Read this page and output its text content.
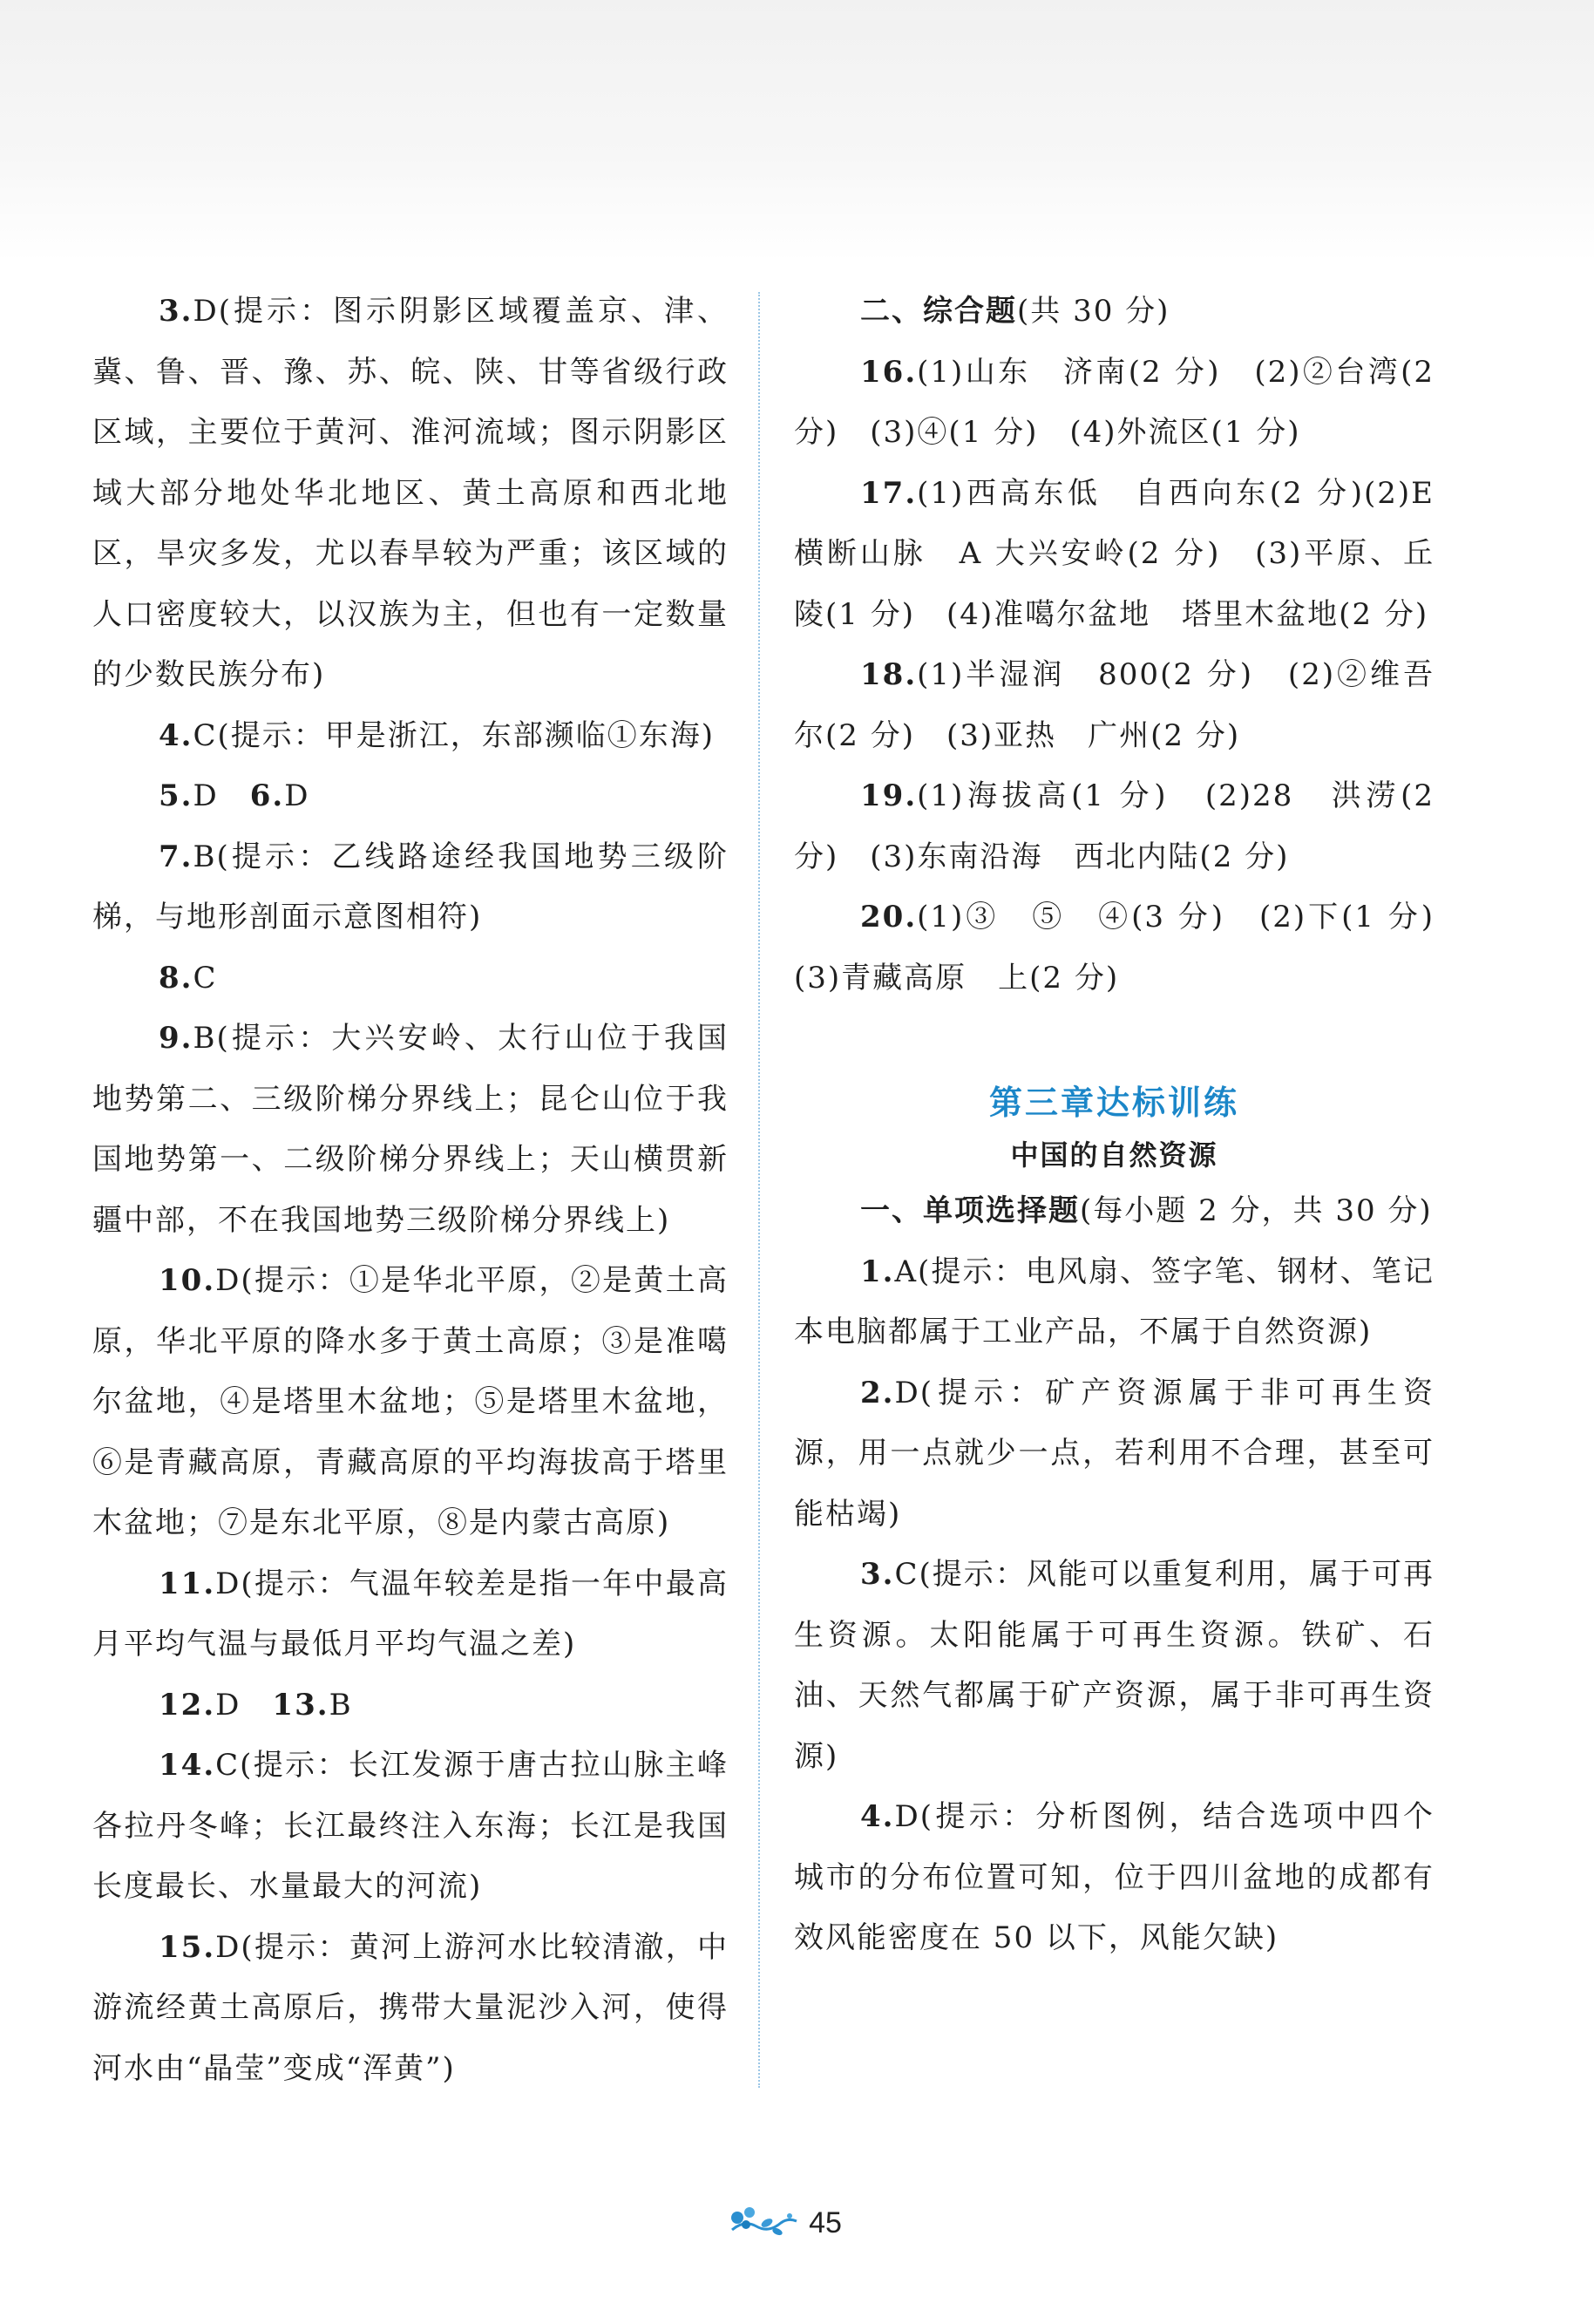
3.D(提示：图示阴影区域覆盖京、津、冀、鲁、晋、豫、苏、皖、陕、甘等省级行政区域，主要位于黄河、淮河流域；图示阴影区域大部分地处华北地区、黄土高原和西北地区，旱灾多发，尤以春旱较为严重；该区域的人口密度较大，以汉族为主，但也有一定数量的少数民族分布)

4.C(提示：甲是浙江，东部濒临①东海)

5.D  6.D

7.B(提示：乙线路途经我国地势三级阶梯，与地形剖面示意图相符)

8.C

9.B(提示：大兴安岭、太行山位于我国地势第二、三级阶梯分界线上；昆仑山位于我国地势第一、二级阶梯分界线上；天山横贯新疆中部，不在我国地势三级阶梯分界线上)

10.D(提示：①是华北平原，②是黄土高原，华北平原的降水多于黄土高原；③是准噶尔盆地，④是塔里木盆地；⑤是塔里木盆地，⑥是青藏高原，青藏高原的平均海拔高于塔里木盆地；⑦是东北平原，⑧是内蒙古高原)

11.D(提示：气温年较差是指一年中最高月平均气温与最低月平均气温之差)

12.D  13.B

14.C(提示：长江发源于唐古拉山脉主峰各拉丹冬峰；长江最终注入东海；长江是我国长度最长、水量最大的河流)

15.D(提示：黄河上游河水比较清澈，中游流经黄土高原后，携带大量泥沙入河，使得河水由“晶莹”变成“浑黄”)

二、综合题(共 30 分)

16.(1)山东　济南(2 分)　(2)②台湾(2 分)　(3)④(1 分)　(4)外流区(1 分)

17.(1)西高东低　自西向东(2 分)(2)E 横断山脉　A 大兴安岭(2 分)　(3)平原、丘陵(1 分)　(4)准噶尔盆地　塔里木盆地(2 分)

18.(1)半湿润　800(2 分)　(2)②维吾尔(2 分)　(3)亚热　广州(2 分)

19.(1)海拔高(1 分)　(2)28　洪涝(2 分)　(3)东南沿海　西北内陆(2 分)

20.(1)③　⑤　④(3 分)　(2)下(1 分)　(3)青藏高原　上(2 分)

第三章达标训练

中国的自然资源

一、单项选择题(每小题 2 分，共 30 分)

1.A(提示：电风扇、签字笔、钢材、笔记本电脑都属于工业产品，不属于自然资源)

2.D(提示：矿产资源属于非可再生资源，用一点就少一点，若利用不合理，甚至可能枯竭)

3.C(提示：风能可以重复利用，属于可再生资源。太阳能属于可再生资源。铁矿、石油、天然气都属于矿产资源，属于非可再生资源)

4.D(提示：分析图例，结合选项中四个城市的分布位置可知，位于四川盆地的成都有效风能密度在 50 以下，风能欠缺)

45
